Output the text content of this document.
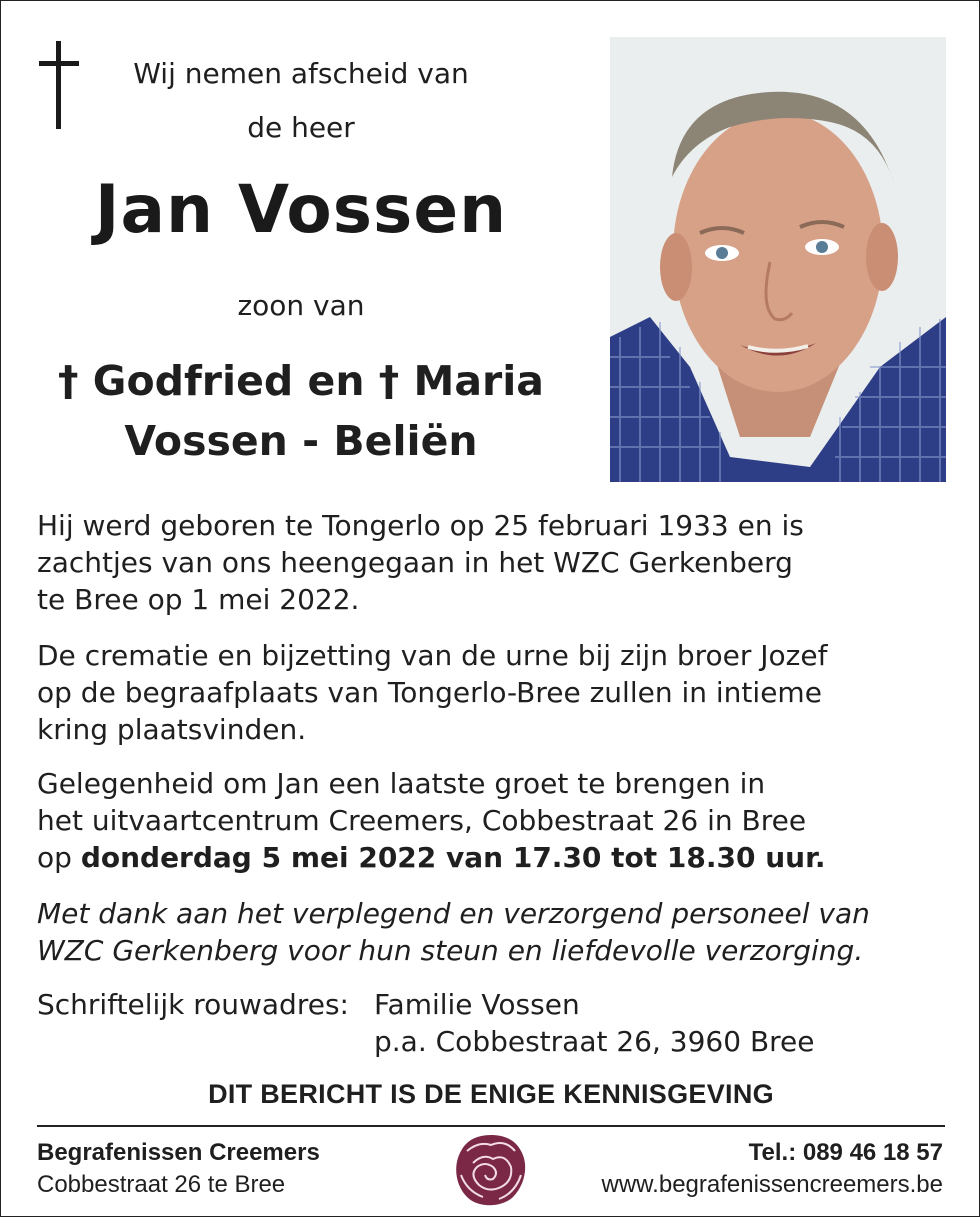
Wij nemen afscheid van
de heer
Jan Vossen
zoon van
† Godfried en † Maria
Vossen - Beliën
Hij werd geboren te Tongerlo op 25 februari 1933 en is
zachtjes van ons heengegaan in het WZC Gerkenberg
te Bree op 1 mei 2022.
De crematie en bijzetting van de urne bij zijn broer Jozef
op de begraafplaats van Tongerlo-Bree zullen in intieme
kring plaatsvinden.
Gelegenheid om Jan een laatste groet te brengen in
het uitvaartcentrum Creemers, Cobbestraat 26 in Bree
op donderdag 5 mei 2022 van 17.30 tot 18.30 uur.
Met dank aan het verplegend en verzorgend personeel van
WZC Gerkenberg voor hun steun en liefdevolle verzorging.
Schriftelijk rouwadres: Familie Vossen
p.a. Cobbestraat 26, 3960 Bree
DIT BERICHT IS DE ENIGE KENNISGEVING
Begrafenissen Creemers
Cobbestraat 26 te Bree
Tel.: 089 46 18 57
www.begrafenissencreemers.be
